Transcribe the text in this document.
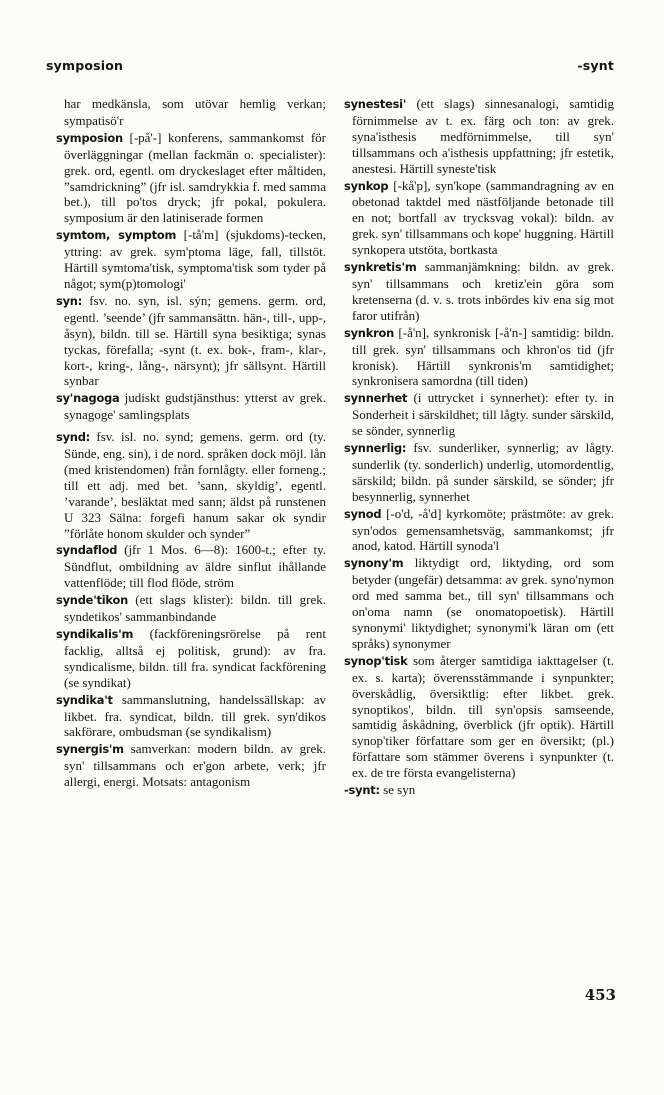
symposion	-synt

har medkänsla, som utövar hemlig verkan; sympatisö'r

symposion [-på'-] konferens, sammankomst för överläggningar (mellan fackmän o. specialister): grek. ord, egentl. om dryckeslaget efter måltiden, ”samdrickning” (jfr isl. samdrykkia f. med samma bet.), till po'tos dryck; jfr pokal, pokulera. symposium är den latiniserade formen

symtom, symptom [-tå'm] (sjukdoms)-tecken, yttring: av grek. sym'ptoma läge, fall, tillstöt. Härtill symtoma'tisk, symptoma'tisk som tyder på något; sym(p)tomologi'

syn: fsv. no. syn, isl. sýn; gemens. germ. ord, egentl. ’seende’ (jfr sammansättn. hän-, till-, upp-, åsyn), bildn. till se. Härtill syna besiktiga; synas tyckas, förefalla; -synt (t. ex. bok-, fram-, klar-, kort-, kring-, lång-, närsynt); jfr sällsynt. Härtill synbar

sy'nagoga judiskt gudstjänsthus: ytterst av grek. synagoge' samlingsplats

synd: fsv. isl. no. synd; gemens. germ. ord (ty. Sünde, eng. sin), i de nord. språken dock möjl. lån (med kristendomen) från fornlågty. eller forneng.; till ett adj. med bet. ’sann, skyldig’, egentl. ’varande’, besläktat med sann; äldst på runstenen U 323 Sälna: forgefi hanum sakar ok syndir ”förlåte honom skulder och synder”

syndaflod (jfr 1 Mos. 6—8): 1600-t.; efter ty. Sündflut, ombildning av äldre sinflut ihållande vattenflöde; till flod flöde, ström

synde'tikon (ett slags klister): bildn. till grek. syndetikos' sammanbindande

syndikalis'm (fackföreningsrörelse på rent facklig, alltså ej politisk, grund): av fra. syndicalisme, bildn. till fra. syndicat fackförening (se syndikat)

syndika't sammanslutning, handelssällskap: av likbet. fra. syndicat, bildn. till grek. syn'dikos sakförare, ombudsman (se syndikalism)

synergis'm samverkan: modern bildn. av grek. syn' tillsammans och er'gon arbete, verk; jfr allergi, energi. Motsats: antagonism

synestesi' (ett slags) sinnesanalogi, samtidig förnimmelse av t. ex. färg och ton: av grek. syna'isthesis medförnimmelse, till syn' tillsammans och a'isthesis uppfattning; jfr estetik, anestesi. Härtill syneste'tisk

synkop [-kå'p], syn'kope (sammandragning av en obetonad taktdel med nästföljande betonade till en not; bortfall av trycksvag vokal): bildn. av grek. syn' tillsammans och kope' huggning. Härtill synkopera utstöta, bortkasta

synkretis'm sammanjämkning: bildn. av grek. syn' tillsammans och kretiz'ein göra som kretenserna (d. v. s. trots inbördes kiv ena sig mot faror utifrån)

synkron [-å'n], synkronisk [-å'n-] samtidig: bildn. till grek. syn' tillsammans och khron'os tid (jfr kronisk). Härtill synkronis'm samtidighet; synkronisera samordna (till tiden)

synnerhet (i uttrycket i synnerhet): efter ty. in Sonderheit i särskildhet; till lågty. sunder särskild, se sönder, synnerlig

synnerlig: fsv. sunderliker, synnerlig; av lågty. sunderlik (ty. sonderlich) underlig, utomordentlig, särskild; bildn. på sunder särskild, se sönder; jfr besynnerlig, synnerhet

synod [-o'd, -å'd] kyrkomöte; prästmöte: av grek. syn'odos gemensamhetsväg, sammankomst; jfr anod, katod. Härtill synoda'l

synony'm liktydigt ord, liktyding, ord som betyder (ungefär) detsamma: av grek. syno'nymon ord med samma bet., till syn' tillsammans och on'oma namn (se onomatopoetisk). Härtill synonymi' liktydighet; synonymi'k läran om (ett språks) synonymer

synop'tisk som återger samtidiga iakttagelser (t. ex. s. karta); överensstämmande i synpunkter; överskådlig, översiktlig: efter likbet. grek. synoptikos', bildn. till syn'opsis samseende, samtidig åskådning, överblick (jfr optik). Härtill synop'tiker författare som ger en översikt; (pl.) författare som stämmer överens i synpunkter (t. ex. de tre första evangelisterna)

-synt: se syn

453
